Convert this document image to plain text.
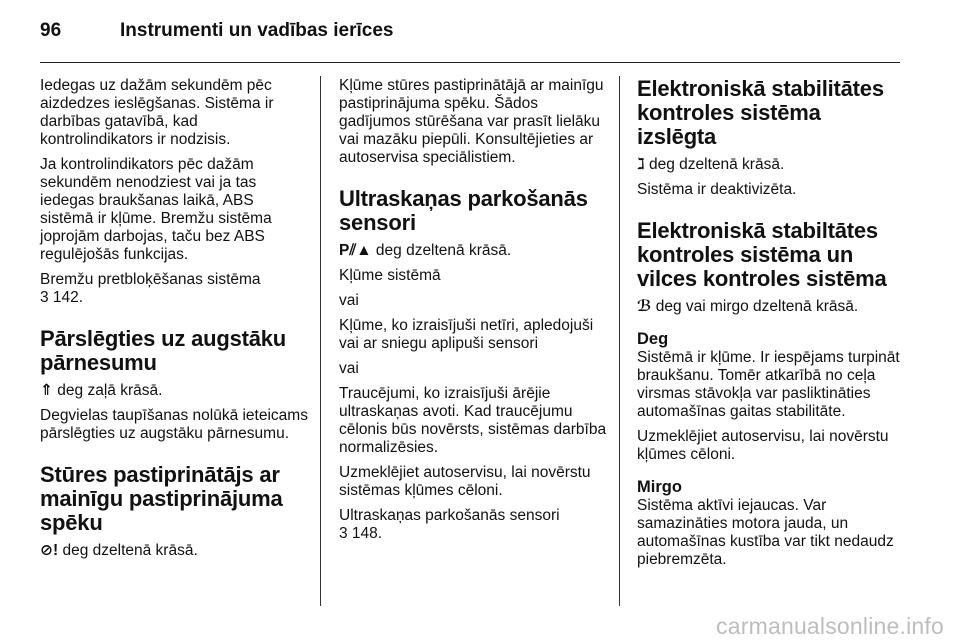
96	Instrumenti un vadības ierīces

Iedegas uz dažām sekundēm pēc aizdedzes ieslēgšanas. Sistēma ir darbības gatavībā, kad kontrolindikators ir nodzisis.

Ja kontrolindikators pēc dažām sekundēm nenodziest vai ja tas iedegas braukšanas laikā, ABS sistēmā ir kļūme. Bremžu sistēma joprojām darbojas, taču bez ABS regulējošās funkcijas.

Bremžu pretbloķēšanas sistēma
3 142.

Pārslēgties uz augstāku pārnesumu

⇑ deg zaļā krāsā.

Degvielas taupīšanas nolūkā ieteicams pārslēgties uz augstāku pārnesumu.

Stūres pastiprinātājs ar mainīgu pastiprinājuma spēku

⊘! deg dzeltenā krāsā.

Kļūme stūres pastiprinātājā ar mainīgu pastiprinājuma spēku. Šādos gadījumos stūrēšana var prasīt lielāku vai mazāku piepūli. Konsultējieties ar autoservisa speciālistiem.

Ultraskaņas parkošanās sensori

P⫽▲ deg dzeltenā krāsā.

Kļūme sistēmā

vai

Kļūme, ko izraisījuši netīri, apledojuši vai ar sniegu aplipuši sensori

vai

Traucējumi, ko izraisījuši ārējie ultraskaņas avoti. Kad traucējumu cēlonis būs novērsts, sistēmas darbība normalizēsies.

Uzmeklējiet autoservisu, lai novērstu sistēmas kļūmes cēloni.

Ultraskaņas parkošanās sensori
3 148.

Elektroniskā stabilitātes kontroles sistēma izslēgta

ℷ deg dzeltenā krāsā.

Sistēma ir deaktivizēta.

Elektroniskā stabiltātes kontroles sistēma un vilces kontroles sistēma

ℬ deg vai mirgo dzeltenā krāsā.

Deg

Sistēmā ir kļūme. Ir iespējams turpināt braukšanu. Tomēr atkarībā no ceļa virsmas stāvokļa var pasliktināties automašīnas gaitas stabilitāte.

Uzmeklējiet autoservisu, lai novērstu kļūmes cēloni.

Mirgo

Sistēma aktīvi iejaucas. Var samazināties motora jauda, un automašīnas kustība var tikt nedaudz piebremzēta.

carmanualsonline.info
